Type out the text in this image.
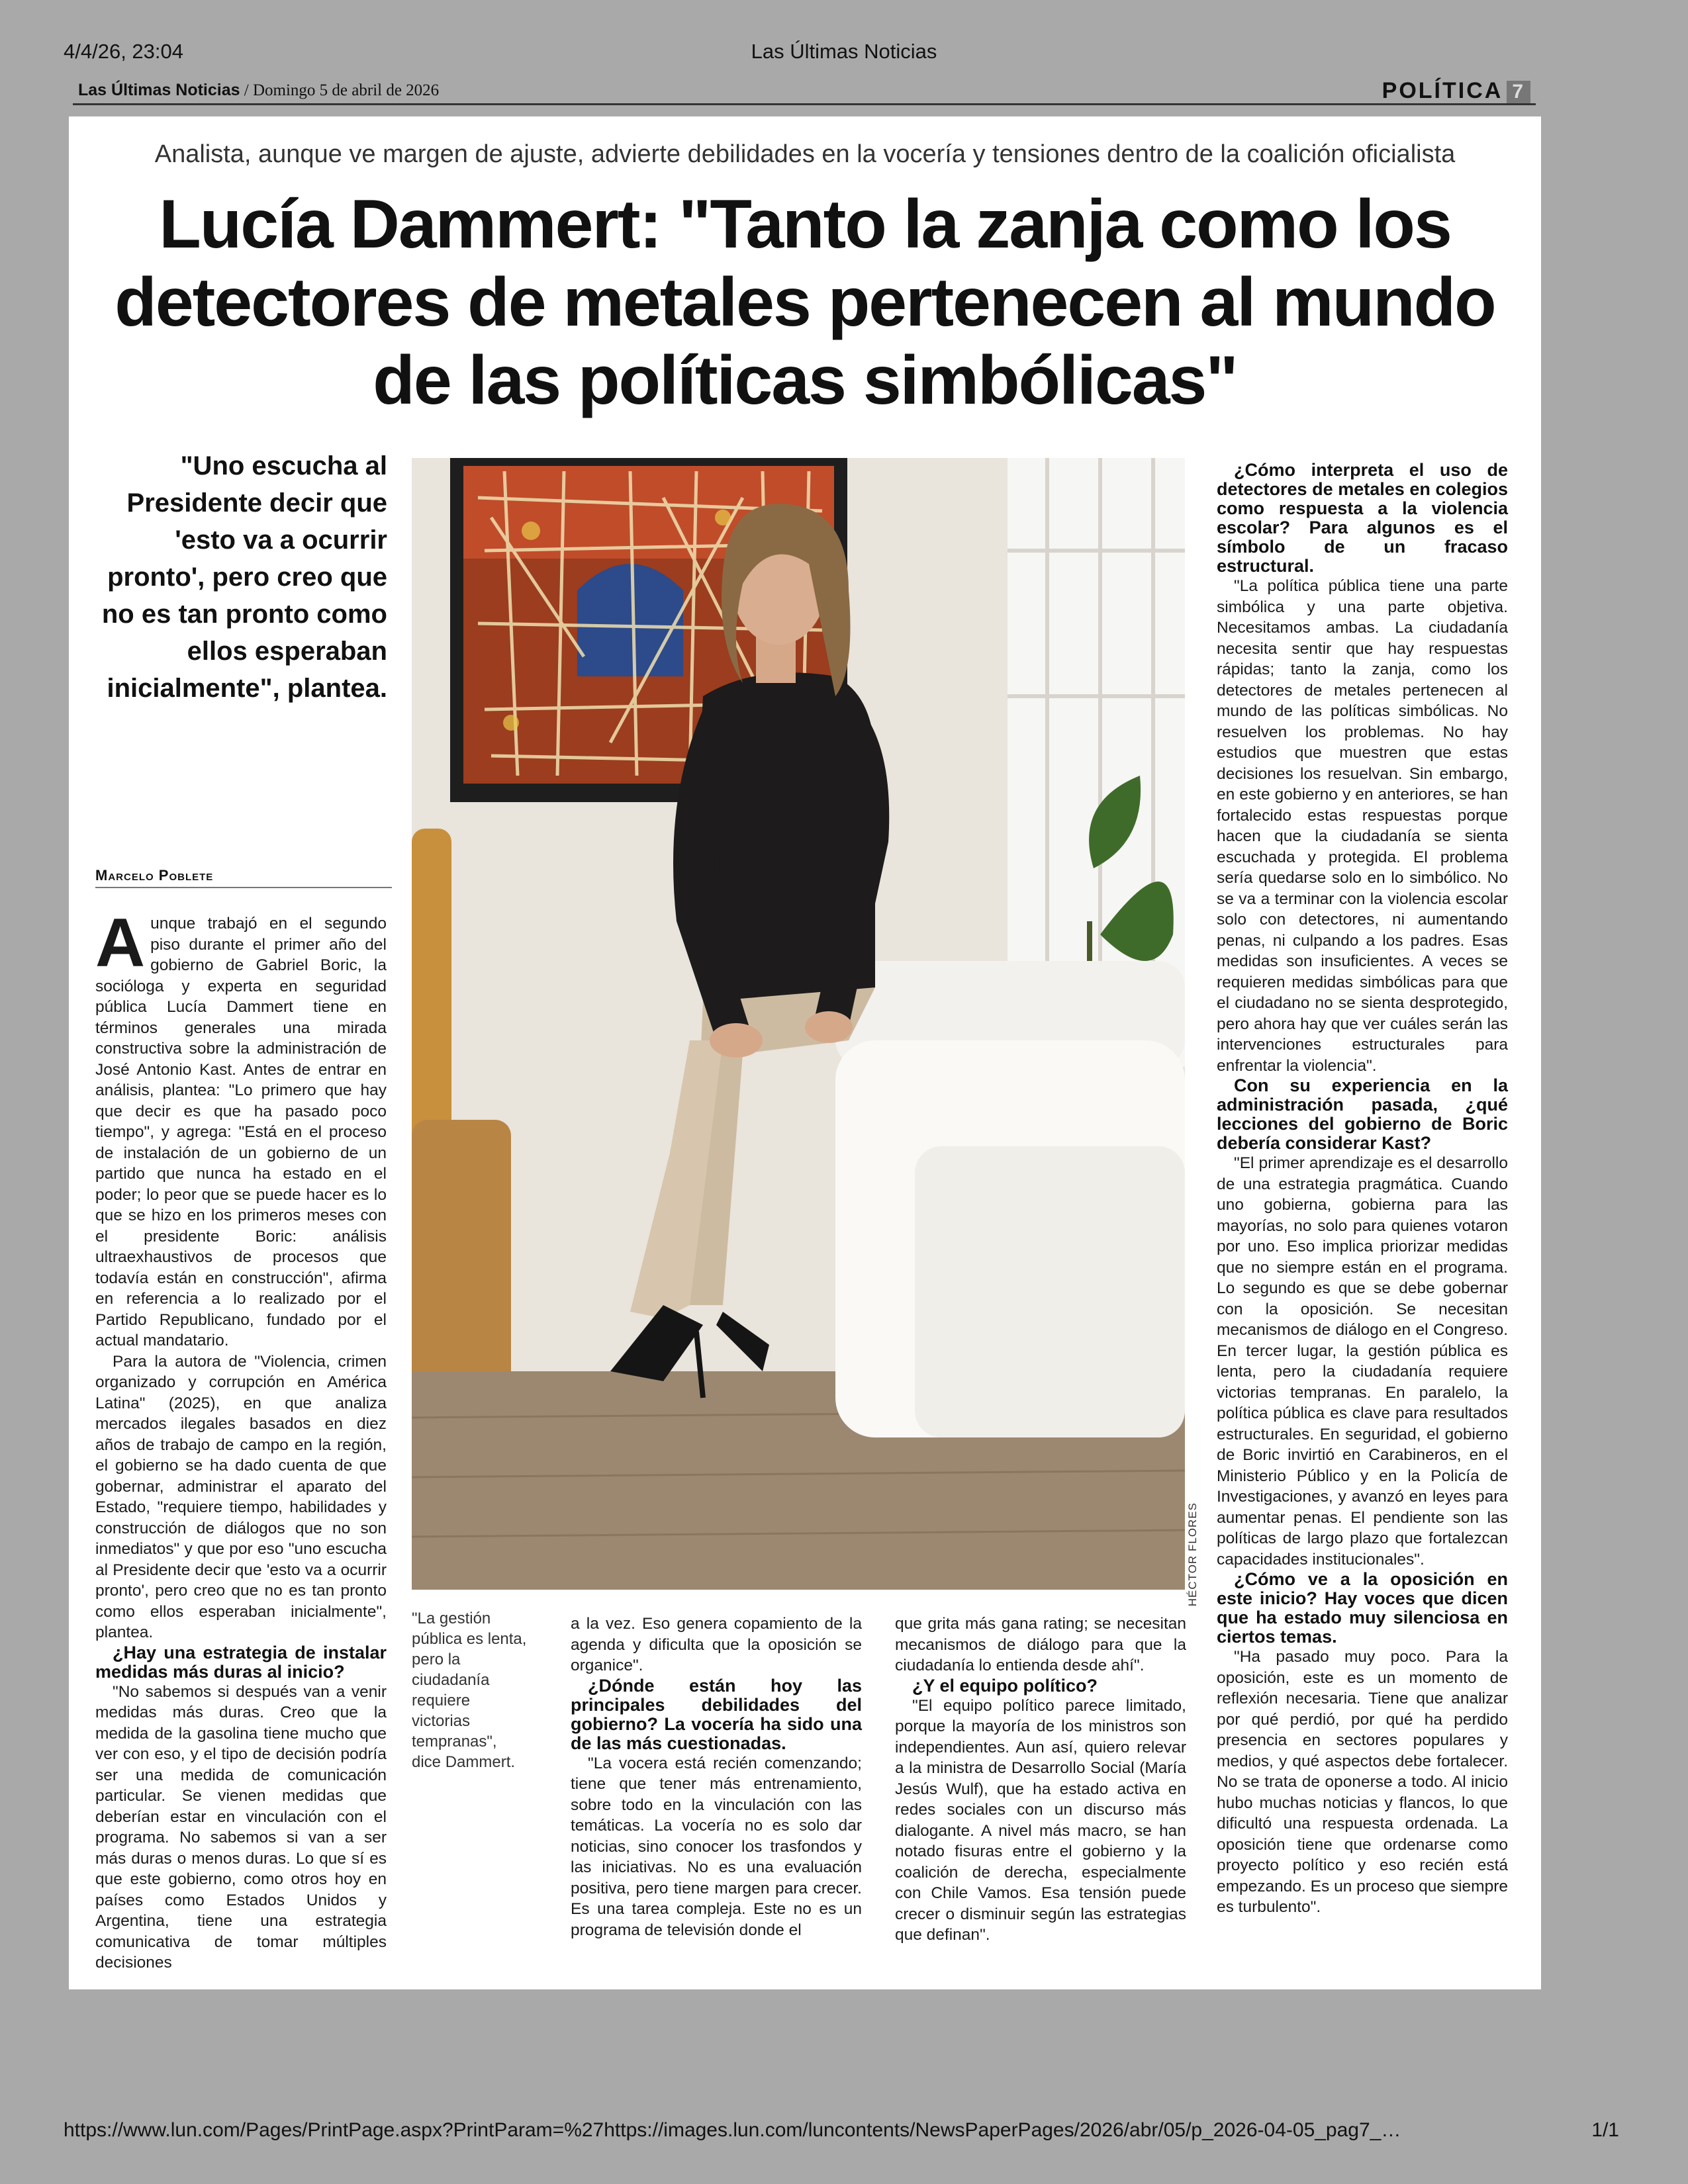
4/4/26, 23:04	Las Últimas Noticias
Las Últimas Noticias / Domingo 5 de abril de 2026	POLÍTICA 7
Analista, aunque ve margen de ajuste, advierte debilidades en la vocería y tensiones dentro de la coalición oficialista
Lucía Dammert: "Tanto la zanja como los detectores de metales pertenecen al mundo de las políticas simbólicas"
"Uno escucha al Presidente decir que 'esto va a ocurrir pronto', pero creo que no es tan pronto como ellos esperaban inicialmente", plantea.
Marcelo Poblete
HÉCTOR FLORES
"La gestión pública es lenta, pero la ciudadanía requiere victorias tempranas", dice Dammert.

Aunque trabajó en el segundo piso durante el primer año del gobierno de Gabriel Boric, la socióloga y experta en seguridad pública Lucía Dammert tiene en términos generales una mirada constructiva sobre la administración de José Antonio Kast. Antes de entrar en análisis, plantea: "Lo primero que hay que decir es que ha pasado poco tiempo", y agrega: "Está en el proceso de instalación de un gobierno de un partido que nunca ha estado en el poder; lo peor que se puede hacer es lo que se hizo en los primeros meses con el presidente Boric: análisis ultraexhaustivos de procesos que todavía están en construcción", afirma en referencia a lo realizado por el Partido Republicano, fundado por el actual mandatario.

Para la autora de "Violencia, crimen organizado y corrupción en América Latina" (2025), en que analiza mercados ilegales basados en diez años de trabajo de campo en la región, el gobierno se ha dado cuenta de que gobernar, administrar el aparato del Estado, "requiere tiempo, habilidades y construcción de diálogos que no son inmediatos" y que por eso "uno escucha al Presidente decir que 'esto va a ocurrir pronto', pero creo que no es tan pronto como ellos esperaban inicialmente", plantea.

¿Hay una estrategia de instalar medidas más duras al inicio?

"No sabemos si después van a venir medidas más duras. Creo que la medida de la gasolina tiene mucho que ver con eso, y el tipo de decisión podría ser una medida de comunicación particular. Se vienen medidas que deberían estar en vinculación con el programa. No sabemos si van a ser más duras o menos duras. Lo que sí es que este gobierno, como otros hoy en países como Estados Unidos y Argentina, tiene una estrategia comunicativa de tomar múltiples decisiones

a la vez. Eso genera copamiento de la agenda y dificulta que la oposición se organice".

¿Dónde están hoy las principales debilidades del gobierno? La vocería ha sido una de las más cuestionadas.

"La vocera está recién comenzando; tiene que tener más entrenamiento, sobre todo en la vinculación con las temáticas. La vocería no es solo dar noticias, sino conocer los trasfondos y las iniciativas. No es una evaluación positiva, pero tiene margen para crecer. Es una tarea compleja. Este no es un programa de televisión donde el

que grita más gana rating; se necesitan mecanismos de diálogo para que la ciudadanía lo entienda desde ahí".

¿Y el equipo político?

"El equipo político parece limitado, porque la mayoría de los ministros son independientes. Aun así, quiero relevar a la ministra de Desarrollo Social (María Jesús Wulf), que ha estado activa en redes sociales con un discurso más dialogante. A nivel más macro, se han notado fisuras entre el gobierno y la coalición de derecha, especialmente con Chile Vamos. Esa tensión puede crecer o disminuir según las estrategias que definan".

¿Cómo interpreta el uso de detectores de metales en colegios como respuesta a la violencia escolar? Para algunos es el símbolo de un fracaso estructural.

"La política pública tiene una parte simbólica y una parte objetiva. Necesitamos ambas. La ciudadanía necesita sentir que hay respuestas rápidas; tanto la zanja, como los detectores de metales pertenecen al mundo de las políticas simbólicas. No resuelven los problemas. No hay estudios que muestren que estas decisiones los resuelvan. Sin embargo, en este gobierno y en anteriores, se han fortalecido estas respuestas porque hacen que la ciudadanía se sienta escuchada y protegida. El problema sería quedarse solo en lo simbólico. No se va a terminar con la violencia escolar solo con detectores, ni aumentando penas, ni culpando a los padres. Esas medidas son insuficientes. A veces se requieren medidas simbólicas para que el ciudadano no se sienta desprotegido, pero ahora hay que ver cuáles serán las intervenciones estructurales para enfrentar la violencia".

Con su experiencia en la administración pasada, ¿qué lecciones del gobierno de Boric debería considerar Kast?

"El primer aprendizaje es el desarrollo de una estrategia pragmática. Cuando uno gobierna, gobierna para las mayorías, no solo para quienes votaron por uno. Eso implica priorizar medidas que no siempre están en el programa. Lo segundo es que se debe gobernar con la oposición. Se necesitan mecanismos de diálogo en el Congreso. En tercer lugar, la gestión pública es lenta, pero la ciudadanía requiere victorias tempranas. En paralelo, la política pública es clave para resultados estructurales. En seguridad, el gobierno de Boric invirtió en Carabineros, en el Ministerio Público y en la Policía de Investigaciones, y avanzó en leyes para aumentar penas. El pendiente son las políticas de largo plazo que fortalezcan capacidades institucionales".

¿Cómo ve a la oposición en este inicio? Hay voces que dicen que ha estado muy silenciosa en ciertos temas.

"Ha pasado muy poco. Para la oposición, este es un momento de reflexión necesaria. Tiene que analizar por qué perdió, por qué ha perdido presencia en sectores populares y medios, y qué aspectos debe fortalecer. No se trata de oponerse a todo. Al inicio hubo muchas noticias y flancos, lo que dificultó una respuesta ordenada. La oposición tiene que ordenarse como proyecto político y eso recién está empezando. Es un proceso que siempre es turbulento".

https://www.lun.com/Pages/PrintPage.aspx?PrintParam=%27https://images.lun.com/luncontents/NewsPaperPages/2026/abr/05/p_2026-04-05_pag7_…	1/1
